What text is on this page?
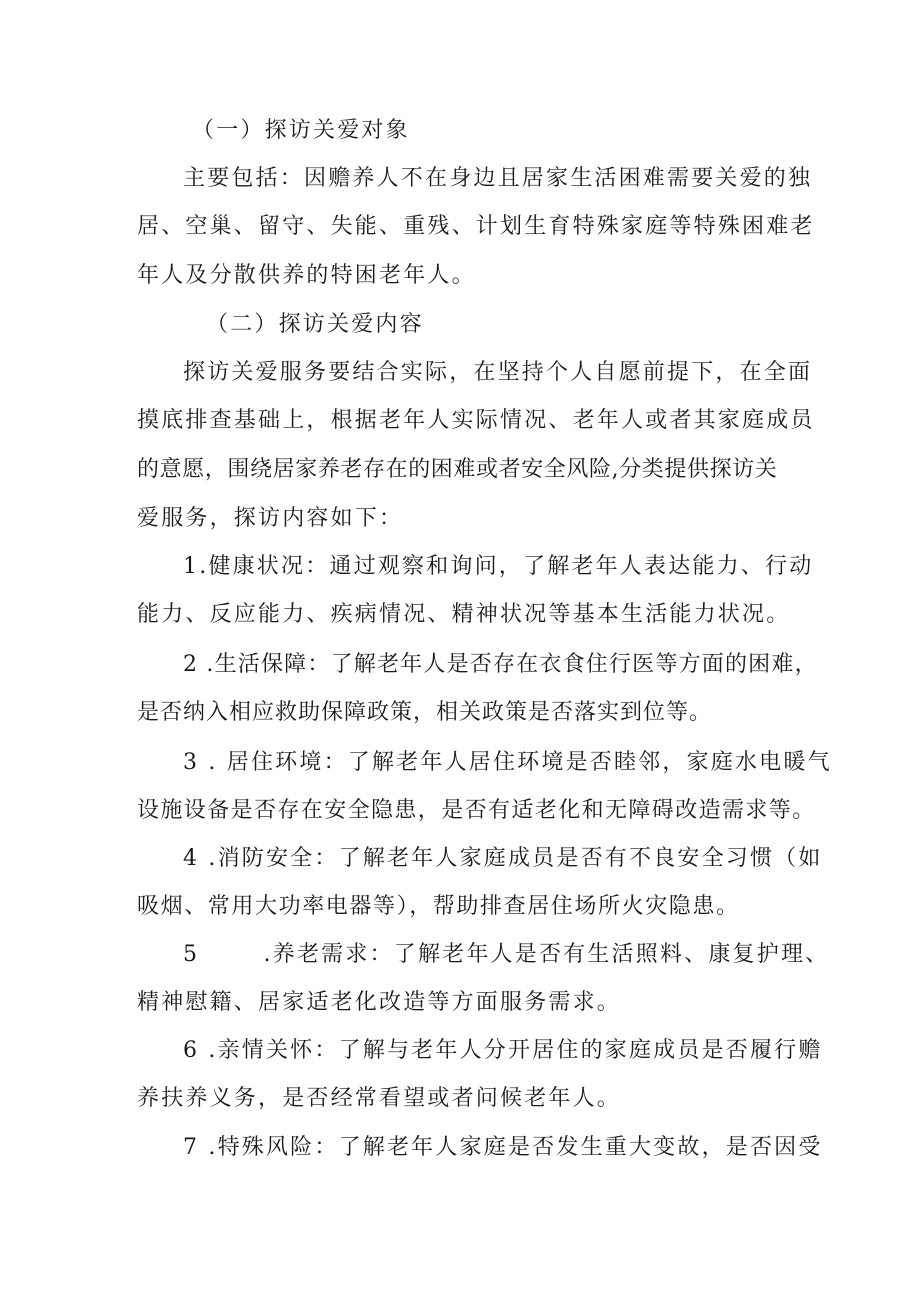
（一）探访关爱对象
主要包括：因赡养人不在身边且居家生活困难需要关爱的独
居、空巢、留守、失能、重残、计划生育特殊家庭等特殊困难老
年人及分散供养的特困老年人。
（二）探访关爱内容
探访关爱服务要结合实际，在坚持个人自愿前提下，在全面
摸底排查基础上，根据老年人实际情况、老年人或者其家庭成员
的意愿，围绕居家养老存在的困难或者安全风险,分类提供探访关
爱服务，探访内容如下：
1.健康状况：通过观察和询问，了解老年人表达能力、行动
能力、反应能力、疾病情况、精神状况等基本生活能力状况。
2 .生活保障：了解老年人是否存在衣食住行医等方面的困难，
是否纳入相应救助保障政策，相关政策是否落实到位等。
3 . 居住环境：了解老年人居住环境是否睦邻，家庭水电暖气
设施设备是否存在安全隐患，是否有适老化和无障碍改造需求等。
4 .消防安全：了解老年人家庭成员是否有不良安全习惯（如
吸烟、常用大功率电器等），帮助排查居住场所火灾隐患。
5       .养老需求：了解老年人是否有生活照料、康复护理、
精神慰籍、居家适老化改造等方面服务需求。
6 .亲情关怀：了解与老年人分开居住的家庭成员是否履行赡
养扶养义务，是否经常看望或者问候老年人。
7 .特殊风险：了解老年人家庭是否发生重大变故，是否因受
